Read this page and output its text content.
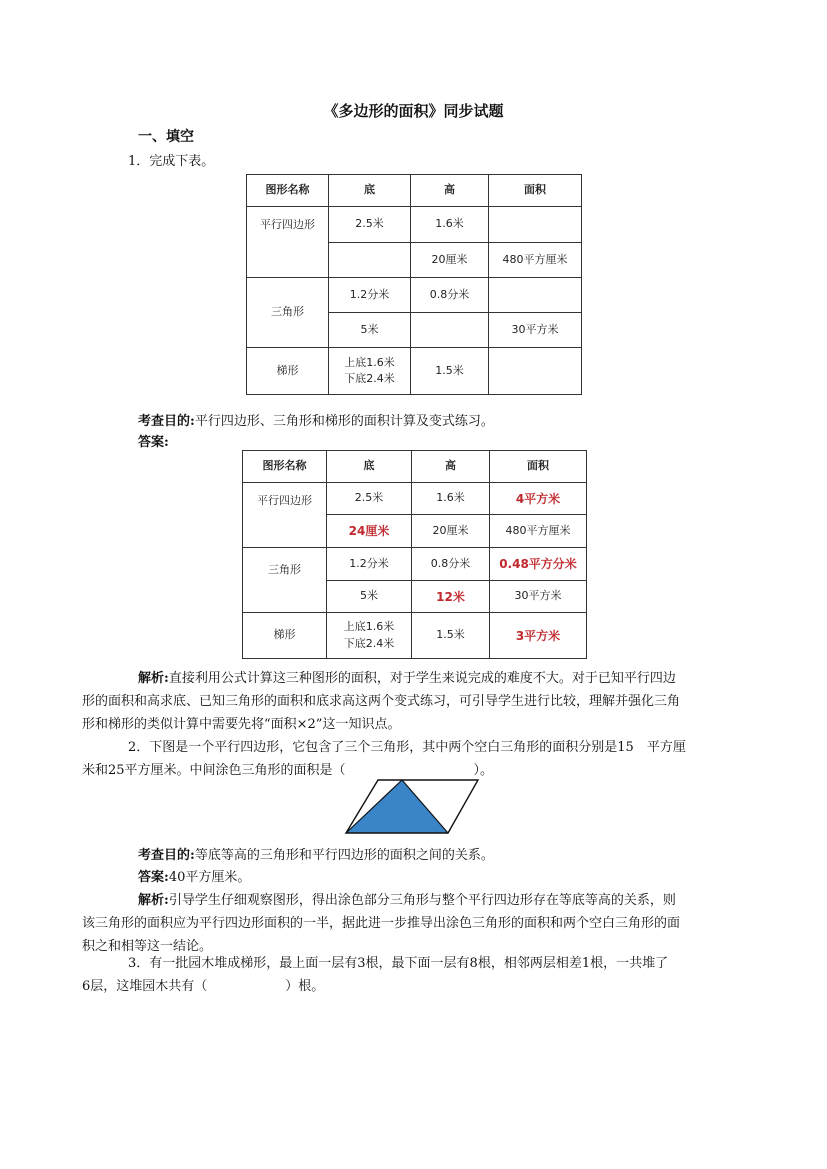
《多边形的面积》同步试题
一、填空
1．完成下表。
图形名称	底	高	面积
平行四边形	2.5米	1.6米	
		20厘米	480平方厘米
三角形	1.2分米	0.8分米	
	5米		30平方米
梯形	上底1.6米
下底2.4米	1.5米	
考查目的:平行四边形、三角形和梯形的面积计算及变式练习。
答案:
图形名称	底	高	面积
平行四边形	2.5米	1.6米	4平方米
	24厘米	20厘米	480平方厘米
三角形	1.2分米	0.8分米	0.48平方分米
	5米	12米	30平方米
梯形	上底1.6米
下底2.4米	1.5米	3平方米
解析:直接利用公式计算这三种图形的面积，对于学生来说完成的难度不大。对于已知平行四边
形的面积和高求底、已知三角形的面积和底求高这两个变式练习，可引导学生进行比较，理解并强化三角
形和梯形的类似计算中需要先将“面积×2”这一知识点。
2．下图是一个平行四边形，它包含了三个三角形，其中两个空白三角形的面积分别是15　平方厘
米和25平方厘米。中间涂色三角形的面积是（	）。
考查目的:等底等高的三角形和平行四边形的面积之间的关系。
答案:40平方厘米。
解析:引导学生仔细观察图形，得出涂色部分三角形与整个平行四边形存在等底等高的关系，则
该三角形的面积应为平行四边形面积的一半，据此进一步推导出涂色三角形的面积和两个空白三角形的面
积之和相等这一结论。
3．有一批园木堆成梯形，最上面一层有3根，最下面一层有8根，相邻两层相差1根，一共堆了
6层，这堆园木共有（	）根。
